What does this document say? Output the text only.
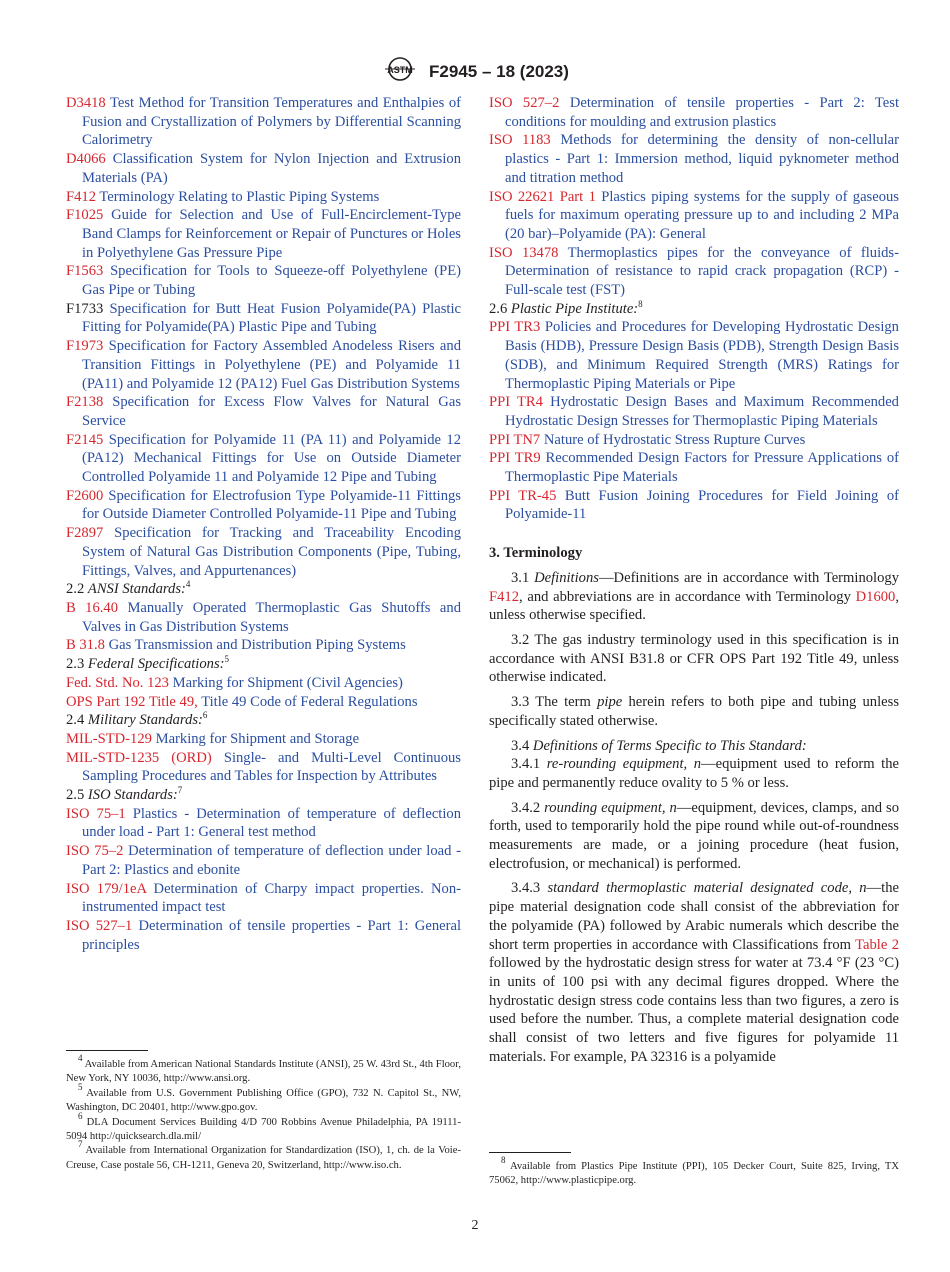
ASTM F2945 – 18 (2023)
D3418 Test Method for Transition Temperatures and Enthalpies of Fusion and Crystallization of Polymers by Differential Scanning Calorimetry
D4066 Classification System for Nylon Injection and Extrusion Materials (PA)
F412 Terminology Relating to Plastic Piping Systems
F1025 Guide for Selection and Use of Full-Encirclement-Type Band Clamps for Reinforcement or Repair of Punctures or Holes in Polyethylene Gas Pressure Pipe
F1563 Specification for Tools to Squeeze-off Polyethylene (PE) Gas Pipe or Tubing
F1733 Specification for Butt Heat Fusion Polyamide(PA) Plastic Fitting for Polyamide(PA) Plastic Pipe and Tubing
F1973 Specification for Factory Assembled Anodeless Risers and Transition Fittings in Polyethylene (PE) and Polyamide 11 (PA11) and Polyamide 12 (PA12) Fuel Gas Distribution Systems
F2138 Specification for Excess Flow Valves for Natural Gas Service
F2145 Specification for Polyamide 11 (PA 11) and Polyamide 12 (PA12) Mechanical Fittings for Use on Outside Diameter Controlled Polyamide 11 and Polyamide 12 Pipe and Tubing
F2600 Specification for Electrofusion Type Polyamide-11 Fittings for Outside Diameter Controlled Polyamide-11 Pipe and Tubing
F2897 Specification for Tracking and Traceability Encoding System of Natural Gas Distribution Components (Pipe, Tubing, Fittings, Valves, and Appurtenances)
2.2 ANSI Standards:$^4$
B 16.40 Manually Operated Thermoplastic Gas Shutoffs and Valves in Gas Distribution Systems
B 31.8 Gas Transmission and Distribution Piping Systems
2.3 Federal Specifications:$^5$
Fed. Std. No. 123 Marking for Shipment (Civil Agencies)
OPS Part 192 Title 49, Title 49 Code of Federal Regulations
2.4 Military Standards:$^6$
MIL-STD-129 Marking for Shipment and Storage
MIL-STD-1235 (ORD) Single- and Multi-Level Continuous Sampling Procedures and Tables for Inspection by Attributes
2.5 ISO Standards:$^7$
ISO 75–1 Plastics - Determination of temperature of deflection under load - Part 1: General test method
ISO 75–2 Determination of temperature of deflection under load - Part 2: Plastics and ebonite
ISO 179/1eA Determination of Charpy impact properties. Non-instrumented impact test
ISO 527–1 Determination of tensile properties - Part 1: General principles
ISO 527–2 Determination of tensile properties - Part 2: Test conditions for moulding and extrusion plastics
ISO 1183 Methods for determining the density of non-cellular plastics - Part 1: Immersion method, liquid pyknometer method and titration method
ISO 22621 Part 1 Plastics piping systems for the supply of gaseous fuels for maximum operating pressure up to and including 2 MPa (20 bar)–Polyamide (PA): General
ISO 13478 Thermoplastics pipes for the conveyance of fluids- Determination of resistance to rapid crack propagation (RCP) - Full-scale test (FST)
2.6 Plastic Pipe Institute:$^8$
PPI TR3 Policies and Procedures for Developing Hydrostatic Design Basis (HDB), Pressure Design Basis (PDB), Strength Design Basis (SDB), and Minimum Required Strength (MRS) Ratings for Thermoplastic Piping Materials or Pipe
PPI TR4 Hydrostatic Design Bases and Maximum Recommended Hydrostatic Design Stresses for Thermoplastic Piping Materials
PPI TN7 Nature of Hydrostatic Stress Rupture Curves
PPI TR9 Recommended Design Factors for Pressure Applications of Thermoplastic Pipe Materials
PPI TR-45 Butt Fusion Joining Procedures for Field Joining of Polyamide-11
3. Terminology
3.1 Definitions—Definitions are in accordance with Terminology F412, and abbreviations are in accordance with Terminology D1600, unless otherwise specified.
3.2 The gas industry terminology used in this specification is in accordance with ANSI B31.8 or CFR OPS Part 192 Title 49, unless otherwise indicated.
3.3 The term pipe herein refers to both pipe and tubing unless specifically stated otherwise.
3.4 Definitions of Terms Specific to This Standard:
3.4.1 re-rounding equipment, n—equipment used to reform the pipe and permanently reduce ovality to 5 % or less.
3.4.2 rounding equipment, n—equipment, devices, clamps, and so forth, used to temporarily hold the pipe round while out-of-roundness measurements are made, or a joining procedure (heat fusion, electrofusion, or mechanical) is performed.
3.4.3 standard thermoplastic material designated code, n—the pipe material designation code shall consist of the abbreviation for the polyamide (PA) followed by Arabic numerals which describe the short term properties in accordance with Classifications from Table 2 followed by the hydrostatic design stress for water at 73.4 °F (23 °C) in units of 100 psi with any decimal figures dropped. Where the hydrostatic design stress code contains less than two figures, a zero is used before the number. Thus, a complete material designation code shall consist of two letters and five figures for polyamide 11 materials. For example, PA 32316 is a polyamide

$^4$ Available from American National Standards Institute (ANSI), 25 W. 43rd St., 4th Floor, New York, NY 10036, http://www.ansi.org.

$^5$ Available from U.S. Government Publishing Office (GPO), 732 N. Capitol St., NW, Washington, DC 20401, http://www.gpo.gov.

$^6$ DLA Document Services Building 4/D 700 Robbins Avenue Philadelphia, PA 19111-5094 http://quicksearch.dla.mil/

$^7$ Available from International Organization for Standardization (ISO), 1, ch. de la Voie-Creuse, Case postale 56, CH-1211, Geneva 20, Switzerland, http://www.iso.ch.	$^8$ Available from Plastics Pipe Institute (PPI), 105 Decker Court, Suite 825, Irving, TX 75062, http://www.plasticpipe.org.

2
